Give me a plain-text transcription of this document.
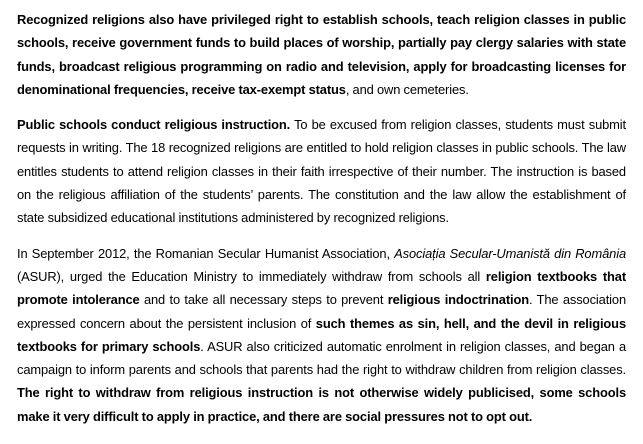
Recognized religions also have privileged right to establish schools, teach religion classes in public schools, receive government funds to build places of worship, partially pay clergy salaries with state funds, broadcast religious programming on radio and television, apply for broadcasting licenses for denominational frequencies, receive tax-exempt status, and own cemeteries.

Public schools conduct religious instruction. To be excused from religion classes, students must submit requests in writing. The 18 recognized religions are entitled to hold religion classes in public schools. The law entitles students to attend religion classes in their faith irrespective of their number. The instruction is based on the religious affiliation of the students’ parents. The constitution and the law allow the establishment of state subsidized educational institutions administered by recognized religions.

In September 2012, the Romanian Secular Humanist Association, Asociația Secular-Umanistă din România (ASUR), urged the Education Ministry to immediately withdraw from schools all religion textbooks that promote intolerance and to take all necessary steps to prevent religious indoctrination. The association expressed concern about the persistent inclusion of such themes as sin, hell, and the devil in religious textbooks for primary schools. ASUR also criticized automatic enrolment in religion classes, and began a campaign to inform parents and schools that parents had the right to withdraw children from religion classes. The right to withdraw from religious instruction is not otherwise widely publicised, some schools make it very difficult to apply in practice, and there are social pressures not to opt out.
